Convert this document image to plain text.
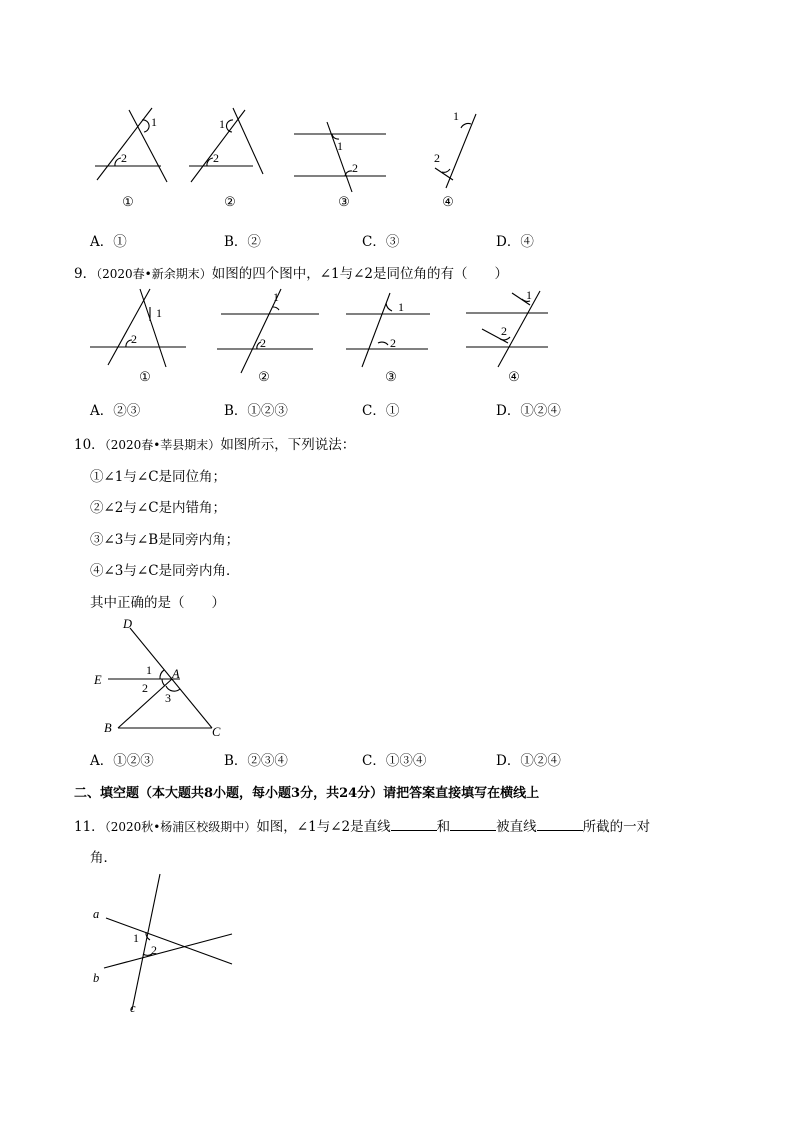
1
2
1
2
1
2
1
2
①	②	③	④
A．①	B．②	C．③	D．④
9．（2020春•新余期末）如图的四个图中，∠1与∠2是同位角的有（　　）
1
2
1
2
1
2
1
2
①	②	③	④
A．②③	B．①②③	C．①	D．①②④
10．（2020春•莘县期末）如图所示，下列说法：
①∠1与∠C是同位角；
②∠2与∠C是内错角；
③∠3与∠B是同旁内角；
④∠3与∠C是同旁内角．
其中正确的是（　　）
D
E	A
B	C
1
2
3
A．①②③	B．②③④	C．①③④	D．①②④
二、填空题（本大题共8小题，每小题3分，共24分）请把答案直接填写在横线上
11．（2020秋•杨浦区校级期中）如图，∠1与∠2是直线	和	被直线	所截的一对
角．
a
b
c
1
2
